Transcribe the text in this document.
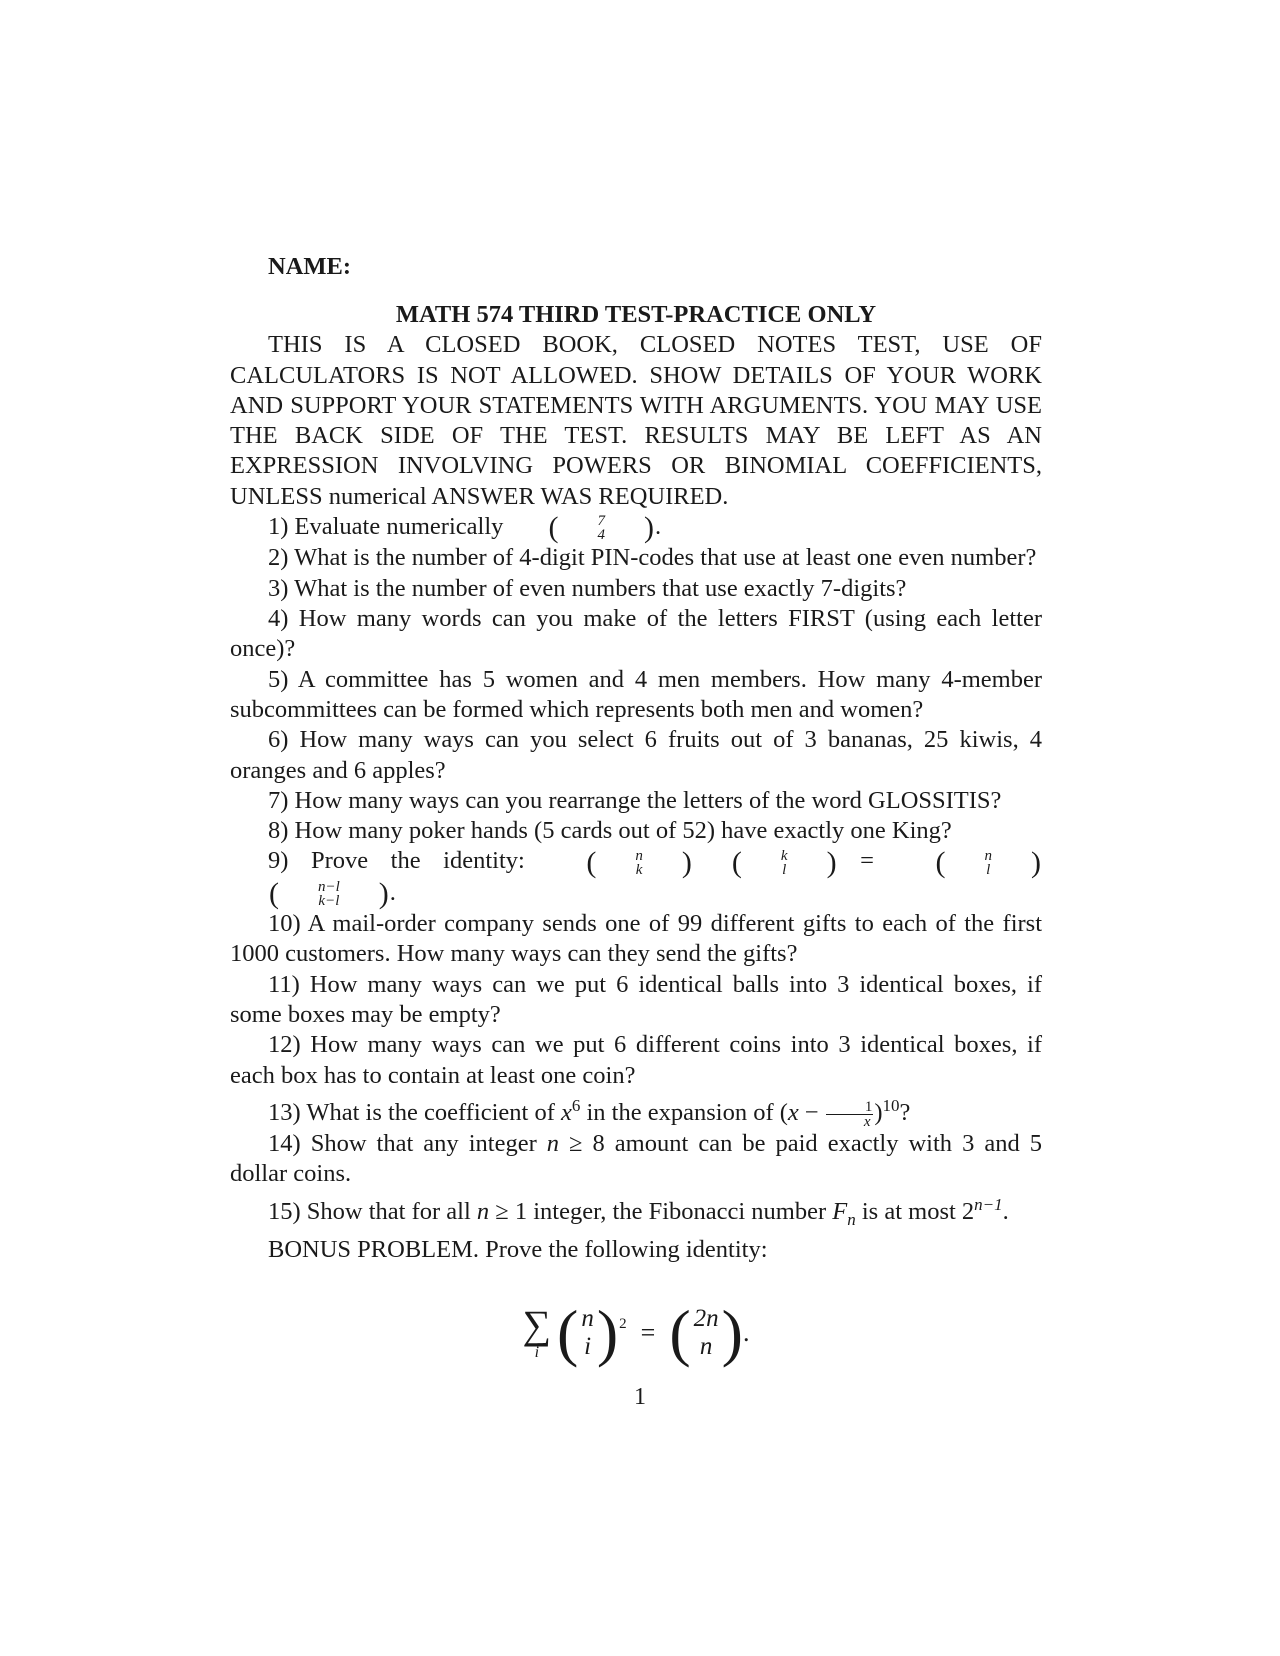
NAME:
MATH 574 THIRD TEST-PRACTICE ONLY
THIS IS A CLOSED BOOK, CLOSED NOTES TEST, USE OF CALCULATORS IS NOT ALLOWED. SHOW DETAILS OF YOUR WORK AND SUPPORT YOUR STATEMENTS WITH ARGUMENTS. YOU MAY USE THE BACK SIDE OF THE TEST. RESULTS MAY BE LEFT AS AN EXPRESSION INVOLVING POWERS OR BINOMIAL COEFFICIENTS, UNLESS numerical ANSWER WAS REQUIRED.
1) Evaluate numerically	(	7
4	) .
2) What is the number of 4-digit PIN-codes that use at least one even number?
3) What is the number of even numbers that use exactly 7-digits?
4) How many words can you make of the letters FIRST (using each letter once)?
5) A committee has 5 women and 4 men members. How many 4-member subcommittees can be formed which represents both men and women?
6) How many ways can you select 6 fruits out of 3 bananas, 25 kiwis, 4 oranges and 6 apples?
7) How many ways can you rearrange the letters of the word GLOSSITIS?
8) How many poker hands (5 cards out of 52) have exactly one King?
9) Prove the identity:	(	n
k	)	(	k
l	) =	(	n
l	)
(	n−l
k−l	) .
10) A mail-order company sends one of 99 different gifts to each of the first 1000 customers. How many ways can they send the gifts?
11) How many ways can we put 6 identical balls into 3 identical boxes, if some boxes may be empty?
12) How many ways can we put 6 different coins into 3 identical boxes, if each box has to contain at least one coin?
13) What is the coefficient of $x^6$ in the expansion of $(x - \frac{1}{x} )^{10}$?
14) Show that any integer n ≥ 8 amount can be paid exactly with 3 and 5 dollar coins.
15) Show that for all n ≥ 1 integer, the Fibonacci number $F_n$ is at most $2^{n-1}$.
BONUS PROBLEM. Prove the following identity:
∑
i ( n
i ) 2 = ( 2n
n ) .
1
